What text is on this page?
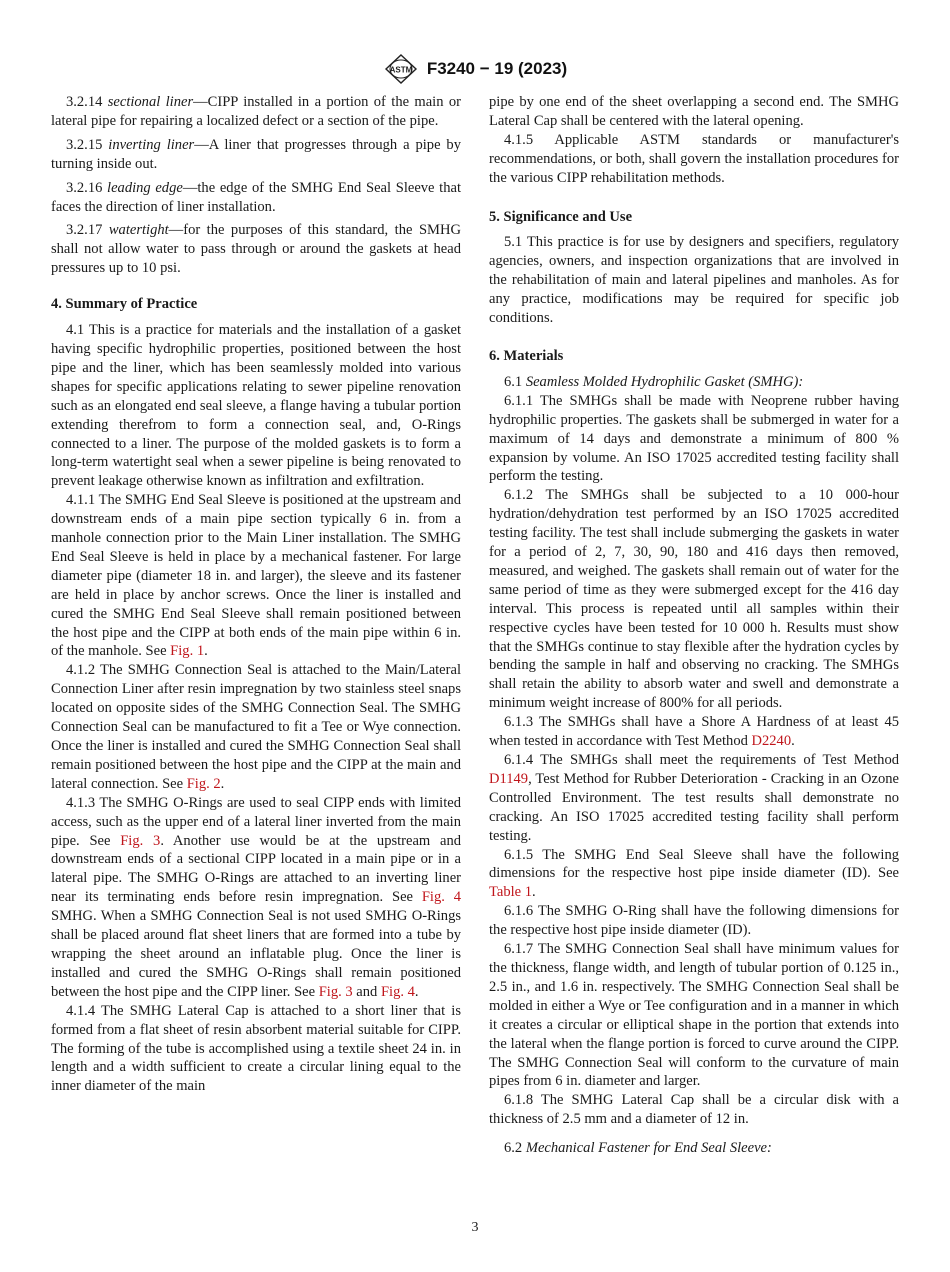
ASTM F3240 − 19 (2023)

3.2.14 sectional liner—CIPP installed in a portion of the main or lateral pipe for repairing a localized defect or a section of the pipe.

3.2.15 inverting liner—A liner that progresses through a pipe by turning inside out.

3.2.16 leading edge—the edge of the SMHG End Seal Sleeve that faces the direction of liner installation.

3.2.17 watertight—for the purposes of this standard, the SMHG shall not allow water to pass through or around the gaskets at head pressures up to 10 psi.

4. Summary of Practice

4.1 This is a practice for materials and the installation of a gasket having specific hydrophilic properties, positioned between the host pipe and the liner, which has been seamlessly molded into various shapes for specific applications relating to sewer pipeline renovation such as an elongated end seal sleeve, a flange having a tubular portion extending therefrom to form a connection seal, and, O-Rings connected to a liner. The purpose of the molded gaskets is to form a long-term watertight seal when a sewer pipeline is being renovated to prevent leakage otherwise known as infiltration and exfiltration.

4.1.1 The SMHG End Seal Sleeve is positioned at the upstream and downstream ends of a main pipe section typically 6 in. from a manhole connection prior to the Main Liner installation. The SMHG End Seal Sleeve is held in place by a mechanical fastener. For large diameter pipe (diameter 18 in. and larger), the sleeve and its fastener are held in place by anchor screws. Once the liner is installed and cured the SMHG End Seal Sleeve shall remain positioned between the host pipe and the CIPP at both ends of the main pipe within 6 in. of the manhole. See Fig. 1.

4.1.2 The SMHG Connection Seal is attached to the Main/Lateral Connection Liner after resin impregnation by two stainless steel snaps located on opposite sides of the SMHG Connection Seal. The SMHG Connection Seal can be manufactured to fit a Tee or Wye connection. Once the liner is installed and cured the SMHG Connection Seal shall remain positioned between the host pipe and the CIPP at the main and lateral connection. See Fig. 2.

4.1.3 The SMHG O-Rings are used to seal CIPP ends with limited access, such as the upper end of a lateral liner inverted from the main pipe. See Fig. 3. Another use would be at the upstream and downstream ends of a sectional CIPP located in a main pipe or in a lateral pipe. The SMHG O-Rings are attached to an inverting liner near its terminating ends before resin impregnation. See Fig. 4 SMHG. When a SMHG Connection Seal is not used SMHG O-Rings shall be placed around flat sheet liners that are formed into a tube by wrapping the sheet around an inflatable plug. Once the liner is installed and cured the SMHG O-Rings shall remain positioned between the host pipe and the CIPP liner. See Fig. 3 and Fig. 4.

4.1.4 The SMHG Lateral Cap is attached to a short liner that is formed from a flat sheet of resin absorbent material suitable for CIPP. The forming of the tube is accomplished using a textile sheet 24 in. in length and a width sufficient to create a circular lining equal to the inner diameter of the main

pipe by one end of the sheet overlapping a second end. The SMHG Lateral Cap shall be centered with the lateral opening.

4.1.5 Applicable ASTM standards or manufacturer's recommendations, or both, shall govern the installation procedures for the various CIPP rehabilitation methods.

5. Significance and Use

5.1 This practice is for use by designers and specifiers, regulatory agencies, owners, and inspection organizations that are involved in the rehabilitation of main and lateral pipelines and manholes. As for any practice, modifications may be required for specific job conditions.

6. Materials

6.1 Seamless Molded Hydrophilic Gasket (SMHG):

6.1.1 The SMHGs shall be made with Neoprene rubber having hydrophilic properties. The gaskets shall be submerged in water for a maximum of 14 days and demonstrate a minimum of 800 % expansion by volume. An ISO 17025 accredited testing facility shall perform the testing.

6.1.2 The SMHGs shall be subjected to a 10 000-hour hydration/dehydration test performed by an ISO 17025 accredited testing facility. The test shall include submerging the gaskets in water for a period of 2, 7, 30, 90, 180 and 416 days then removed, measured, and weighed. The gaskets shall remain out of water for the same period of time as they were submerged except for the 416 day interval. This process is repeated until all samples within their respective cycles have been tested for 10 000 h. Results must show that the SMHGs continue to stay flexible after the hydration cycles by bending the sample in half and observing no cracking. The SMHGs shall retain the ability to absorb water and swell and demonstrate a minimum weight increase of 800% for all periods.

6.1.3 The SMHGs shall have a Shore A Hardness of at least 45 when tested in accordance with Test Method D2240.

6.1.4 The SMHGs shall meet the requirements of Test Method D1149, Test Method for Rubber Deterioration - Cracking in an Ozone Controlled Environment. The test results shall demonstrate no cracking. An ISO 17025 accredited testing facility shall perform testing.

6.1.5 The SMHG End Seal Sleeve shall have the following dimensions for the respective host pipe inside diameter (ID). See Table 1.

6.1.6 The SMHG O-Ring shall have the following dimensions for the respective host pipe inside diameter (ID).

6.1.7 The SMHG Connection Seal shall have minimum values for the thickness, flange width, and length of tubular portion of 0.125 in., 2.5 in., and 1.6 in. respectively. The SMHG Connection Seal shall be molded in either a Wye or Tee configuration and in a manner in which it creates a circular or elliptical shape in the portion that extends into the lateral when the flange portion is forced to curve around the CIPP. The SMHG Connection Seal will conform to the curvature of main pipes from 6 in. diameter and larger.

6.1.8 The SMHG Lateral Cap shall be a circular disk with a thickness of 2.5 mm and a diameter of 12 in.

6.2 Mechanical Fastener for End Seal Sleeve:

3
